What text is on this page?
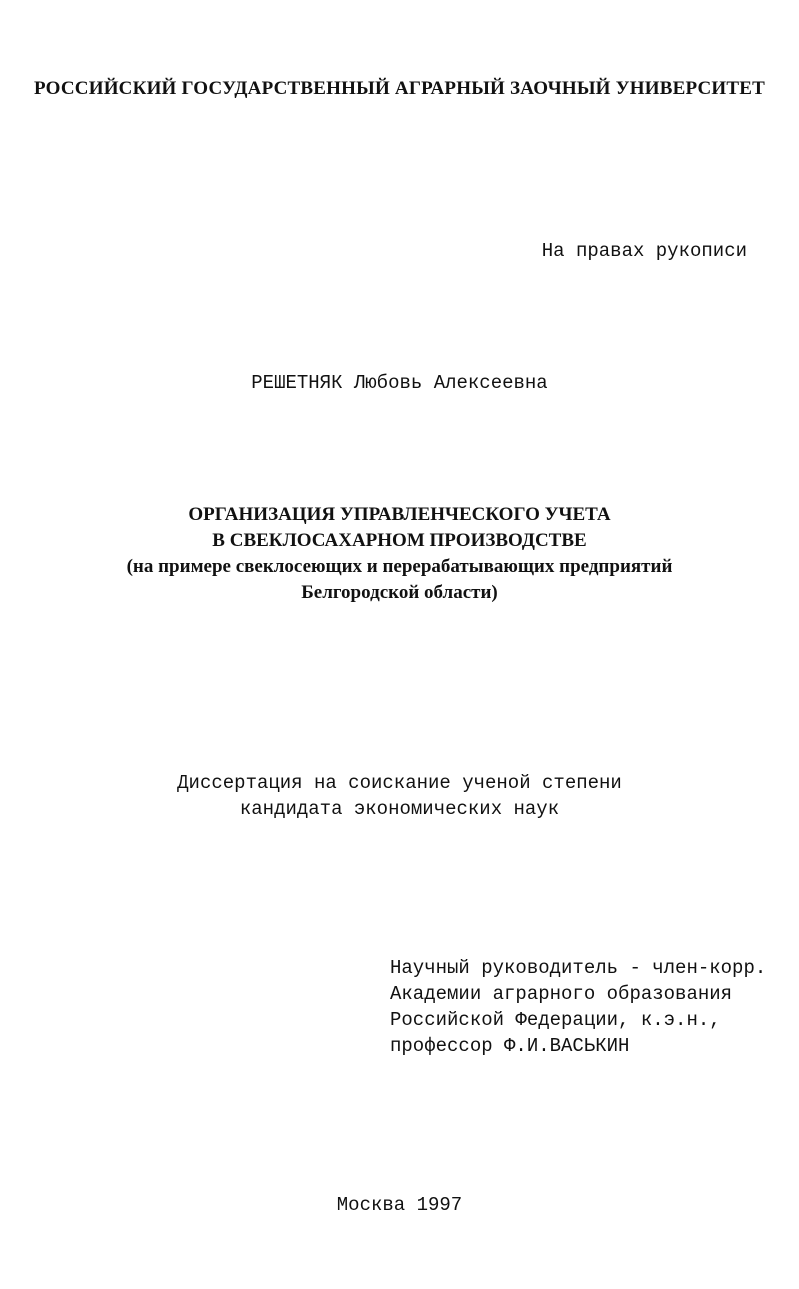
РОССИЙСКИЙ ГОСУДАРСТВЕННЫЙ АГРАРНЫЙ ЗАОЧНЫЙ УНИВЕРСИТЕТ
На правах рукописи
РЕШЕТНЯК Любовь Алексеевна
ОРГАНИЗАЦИЯ УПРАВЛЕНЧЕСКОГО УЧЕТА
В СВЕКЛОСАХАРНОМ ПРОИЗВОДСТВЕ
(на примере свеклосеющих и перерабатывающих предприятий
Белгородской области)
Диссертация на соискание ученой степени
кандидата экономических наук
Научный руководитель - член-корр.
Академии аграрного образования
Российской Федерации, к.э.н.,
профессор Ф.И.ВАСЬКИН
Москва 1997
